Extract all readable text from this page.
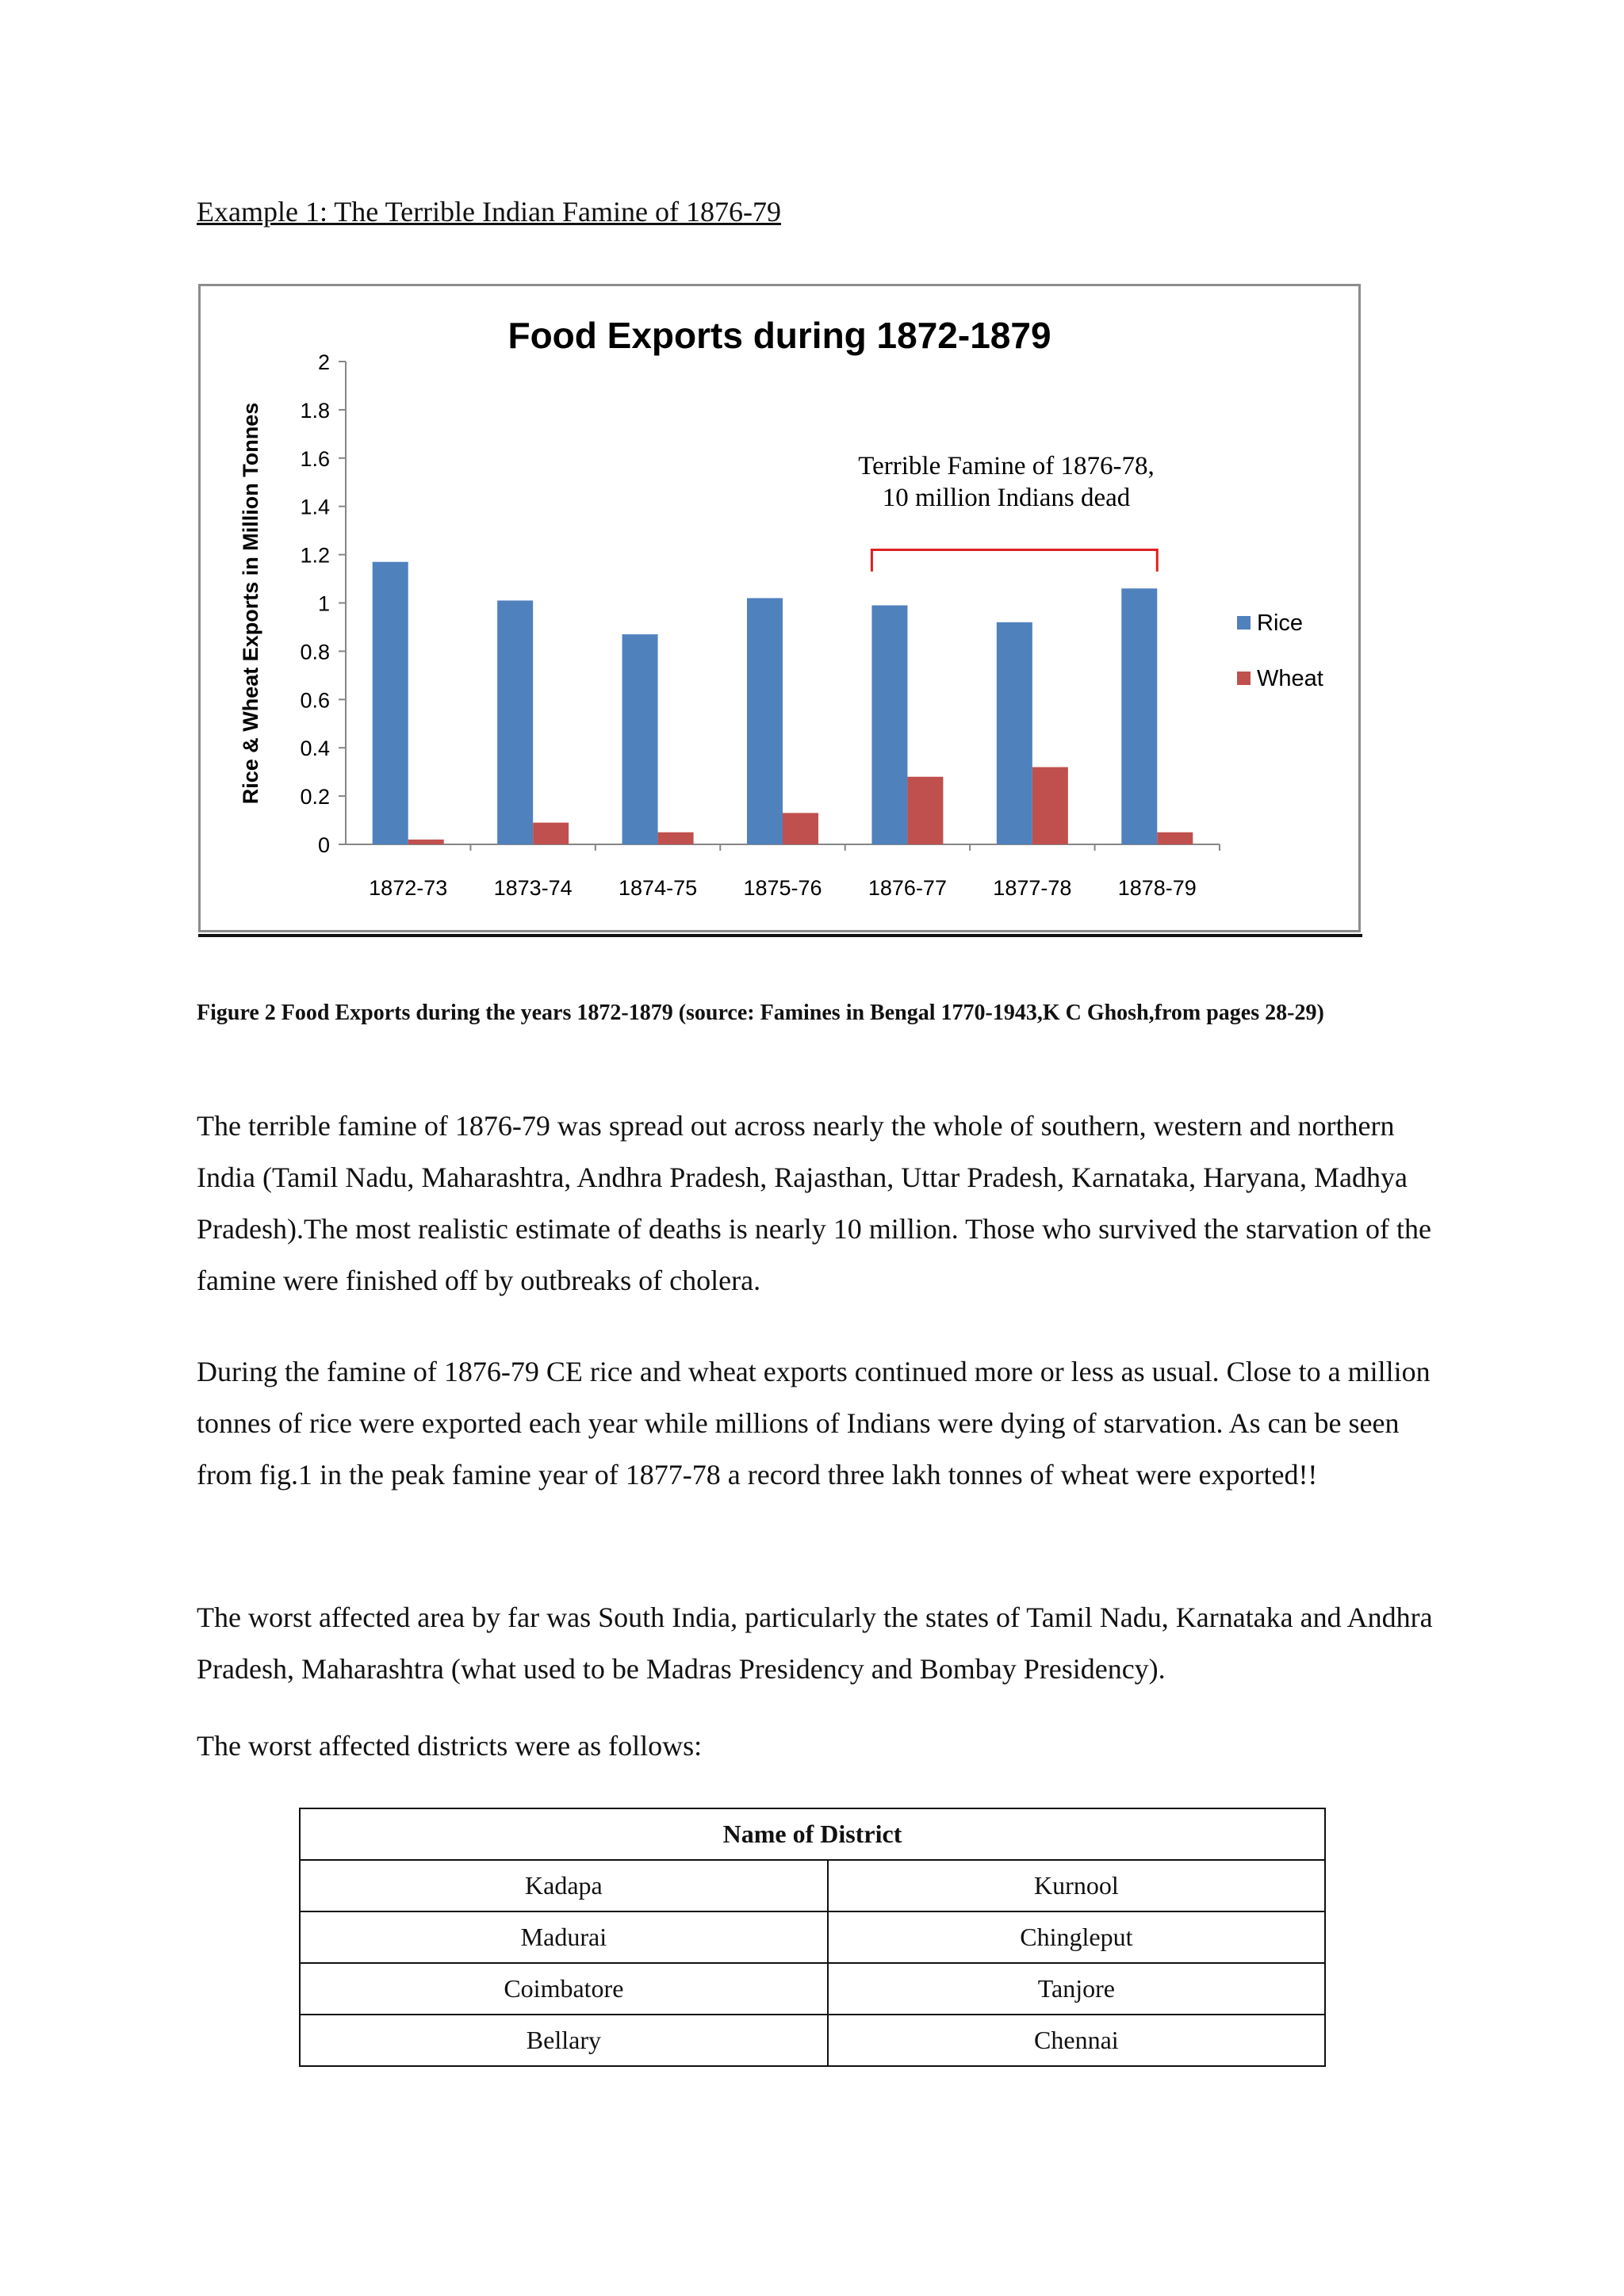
Example 1: The Terrible Indian Famine of 1876-79
Food Exports during 1872-1879
Rice & Wheat Exports in Million Tonnes
0
0.2
0.4
0.6
0.8
1
1.2
1.4
1.6
1.8
2
1872-73 1873-74 1874-75 1875-76 1876-77 1877-78 1878-79
Terrible Famine of 1876-78,
10 million Indians dead
Rice
Wheat

Figure 2 Food Exports during the years 1872-1879 (source: Famines in Bengal 1770-1943,K C Ghosh,from pages 28-29)

The terrible famine of 1876-79 was spread out across nearly the whole of southern, western and northern India (Tamil Nadu, Maharashtra, Andhra Pradesh, Rajasthan, Uttar Pradesh, Karnataka, Haryana, Madhya Pradesh).The most realistic estimate of deaths is nearly 10 million. Those who survived the starvation of the famine were finished off by outbreaks of cholera.

During the famine of 1876-79 CE rice and wheat exports continued more or less as usual. Close to a million tonnes of rice were exported each year while millions of Indians were dying of starvation. As can be seen from fig.1 in the peak famine year of 1877-78 a record three lakh tonnes of wheat were exported!!

The worst affected area by far was South India, particularly the states of Tamil Nadu, Karnataka and Andhra Pradesh, Maharashtra (what used to be Madras Presidency and Bombay Presidency).

The worst affected districts were as follows:

Name of District	
Kadapa	Kurnool
Madurai	Chingleput
Coimbatore	Tanjore
Bellary	Chennai
